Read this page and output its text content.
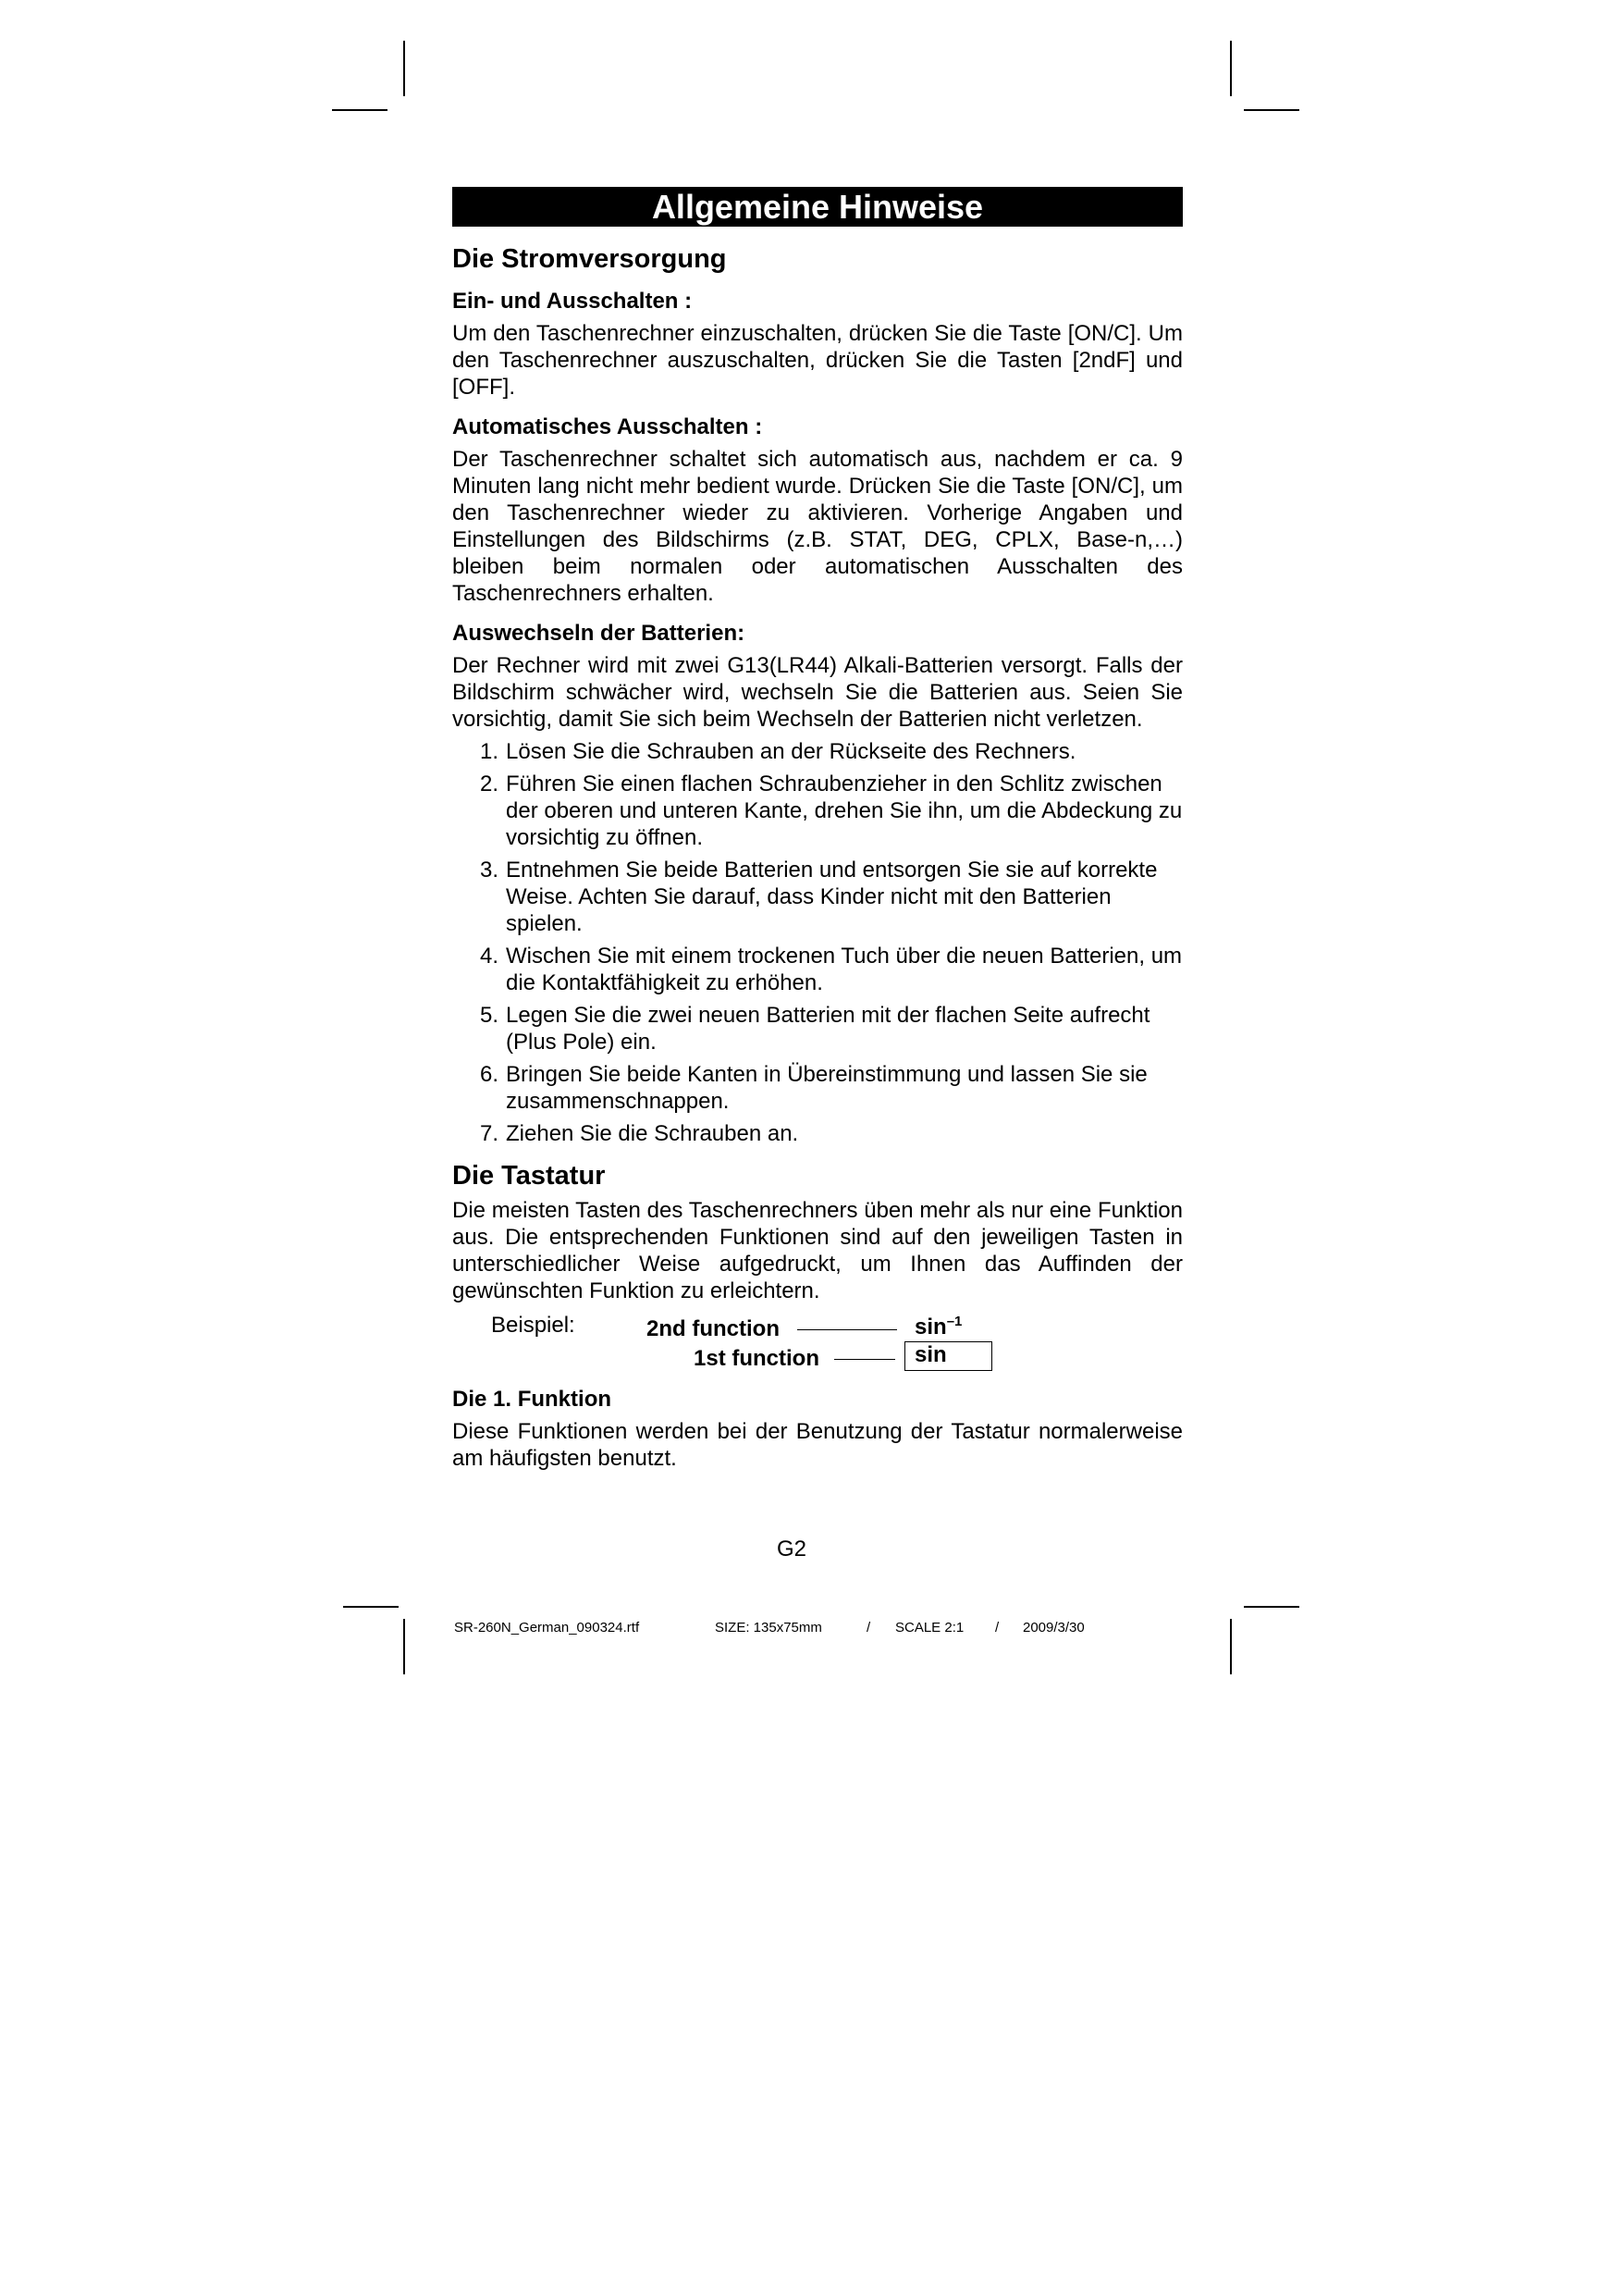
Allgemeine Hinweise
Die Stromversorgung
Ein- und Ausschalten :

Um den Taschenrechner einzuschalten, drücken Sie die Taste [ON/C]. Um den Taschenrechner auszuschalten, drücken Sie die Tasten [2ndF] und [OFF].

Automatisches Ausschalten :

Der Taschenrechner schaltet sich automatisch aus, nachdem er ca. 9 Minuten lang nicht mehr bedient wurde. Drücken Sie die Taste [ON/C], um den Taschenrechner wieder zu aktivieren. Vorherige Angaben und Einstellungen des Bildschirms (z.B. STAT, DEG, CPLX, Base-n,…) bleiben beim normalen oder automatischen Ausschalten des Taschenrechners erhalten.

Auswechseln der Batterien:

Der Rechner wird mit zwei G13(LR44) Alkali-Batterien versorgt. Falls der Bildschirm schwächer wird, wechseln Sie die Batterien aus. Seien Sie vorsichtig, damit Sie sich beim Wechseln der Batterien nicht verletzen.

1. Lösen Sie die Schrauben an der Rückseite des Rechners.
2. Führen Sie einen flachen Schraubenzieher in den Schlitz zwischen der oberen und unteren Kante, drehen Sie ihn, um die Abdeckung zu vorsichtig zu öffnen.
3. Entnehmen Sie beide Batterien und entsorgen Sie sie auf korrekte Weise. Achten Sie darauf, dass Kinder nicht mit den Batterien spielen.
4. Wischen Sie mit einem trockenen Tuch über die neuen Batterien, um die Kontaktfähigkeit zu erhöhen.
5. Legen Sie die zwei neuen Batterien mit der flachen Seite aufrecht (Plus Pole) ein.
6. Bringen Sie beide Kanten in Übereinstimmung und lassen Sie sie zusammenschnappen.
7. Ziehen Sie die Schrauben an.
Die Tastatur

Die meisten Tasten des Taschenrechners üben mehr als nur eine Funktion aus. Die entsprechenden Funktionen sind auf den jeweiligen Tasten in unterschiedlicher Weise aufgedruckt, um Ihnen das Auffinden der gewünschten Funktion zu erleichtern.

Beispiel:	2nd function	$\sin^{-1}$
1st function	sin
Die 1. Funktion

Diese Funktionen werden bei der Benutzung der Tastatur normalerweise am häufigsten benutzt.

G2

SR-260N_German_090324.rtf

	SIZE: 135x75mm

	/

SCALE 2:1

/

2009/3/30
